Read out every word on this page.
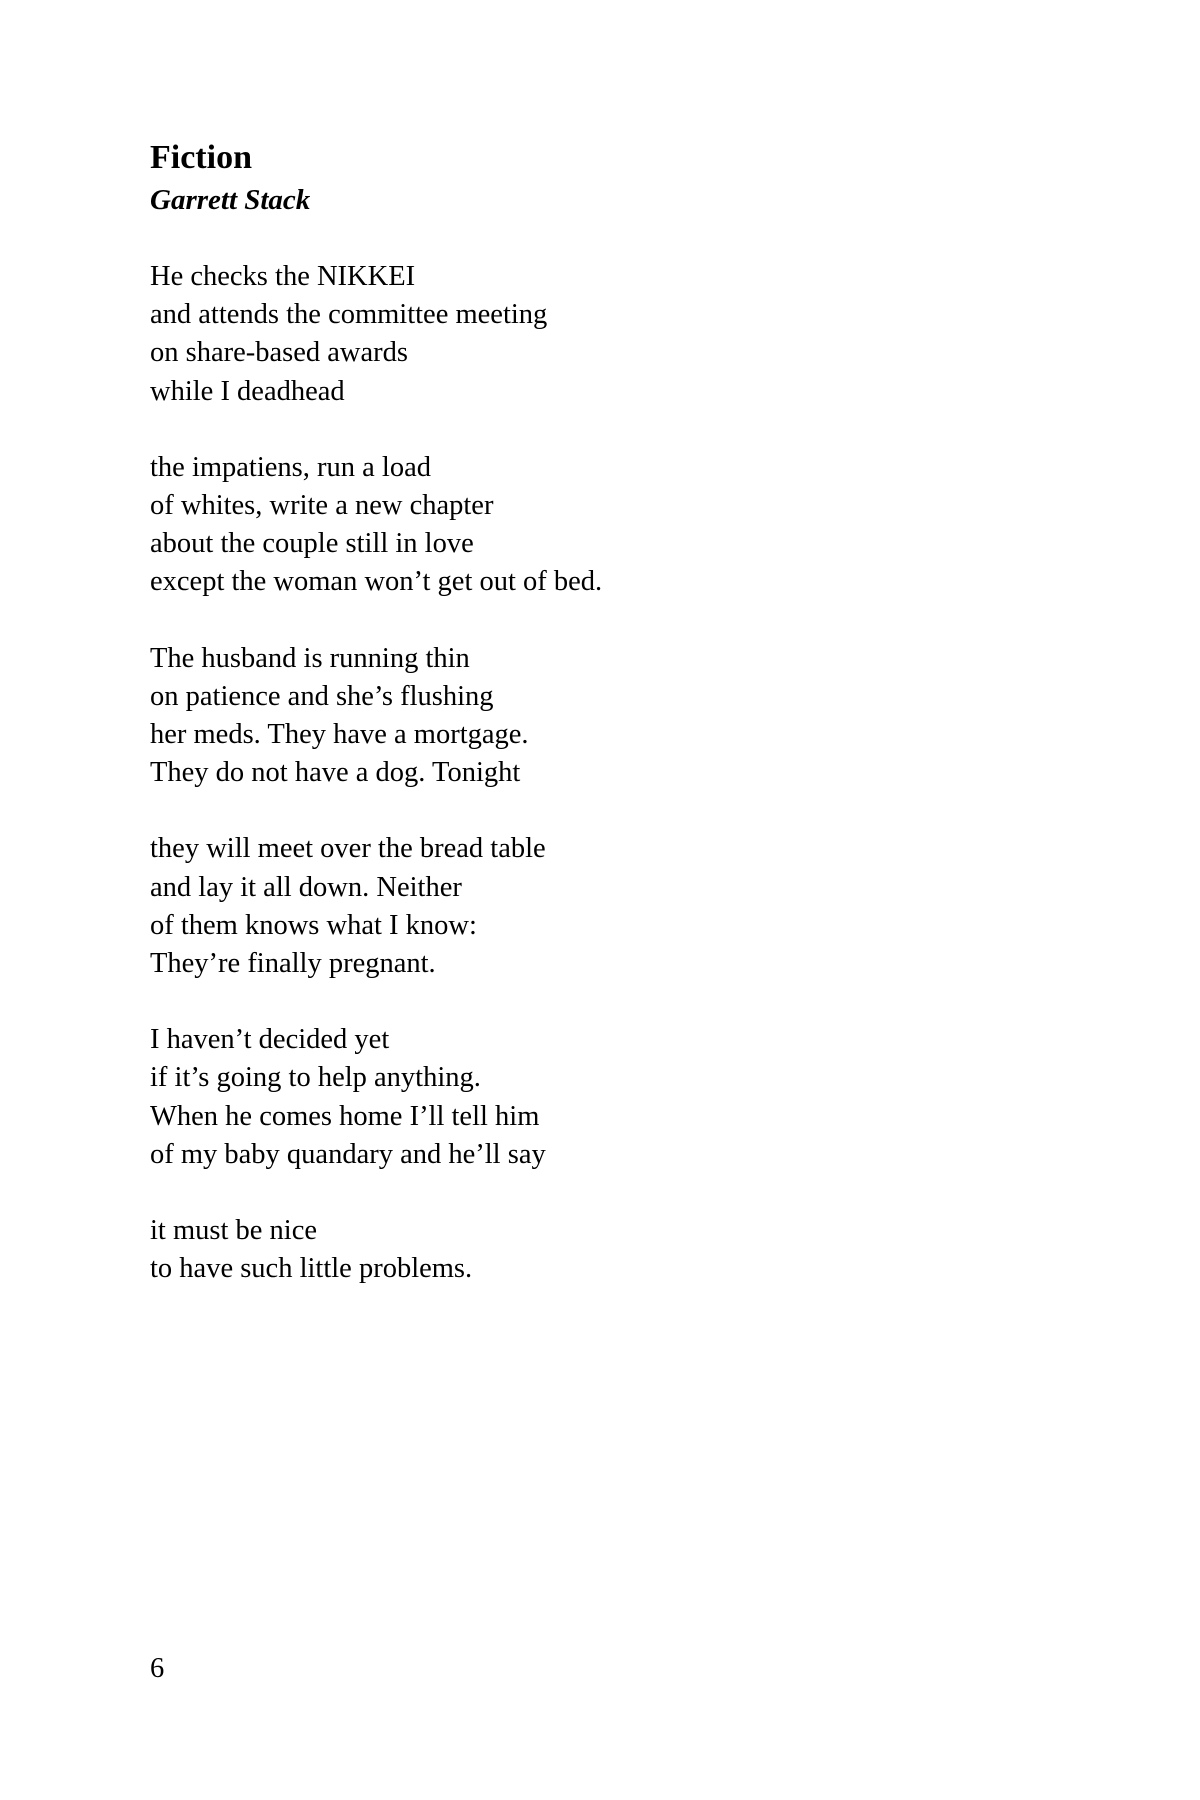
Fiction
Garrett Stack
He checks the NIKKEI
and attends the committee meeting
on share-based awards
while I deadhead
the impatiens, run a load
of whites, write a new chapter
about the couple still in love
except the woman won’t get out of bed.
The husband is running thin
on patience and she’s flushing
her meds. They have a mortgage.
They do not have a dog. Tonight
they will meet over the bread table
and lay it all down. Neither
of them knows what I know:
They’re finally pregnant.
I haven’t decided yet
if it’s going to help anything.
When he comes home I’ll tell him
of my baby quandary and he’ll say
it must be nice
to have such little problems.
6
